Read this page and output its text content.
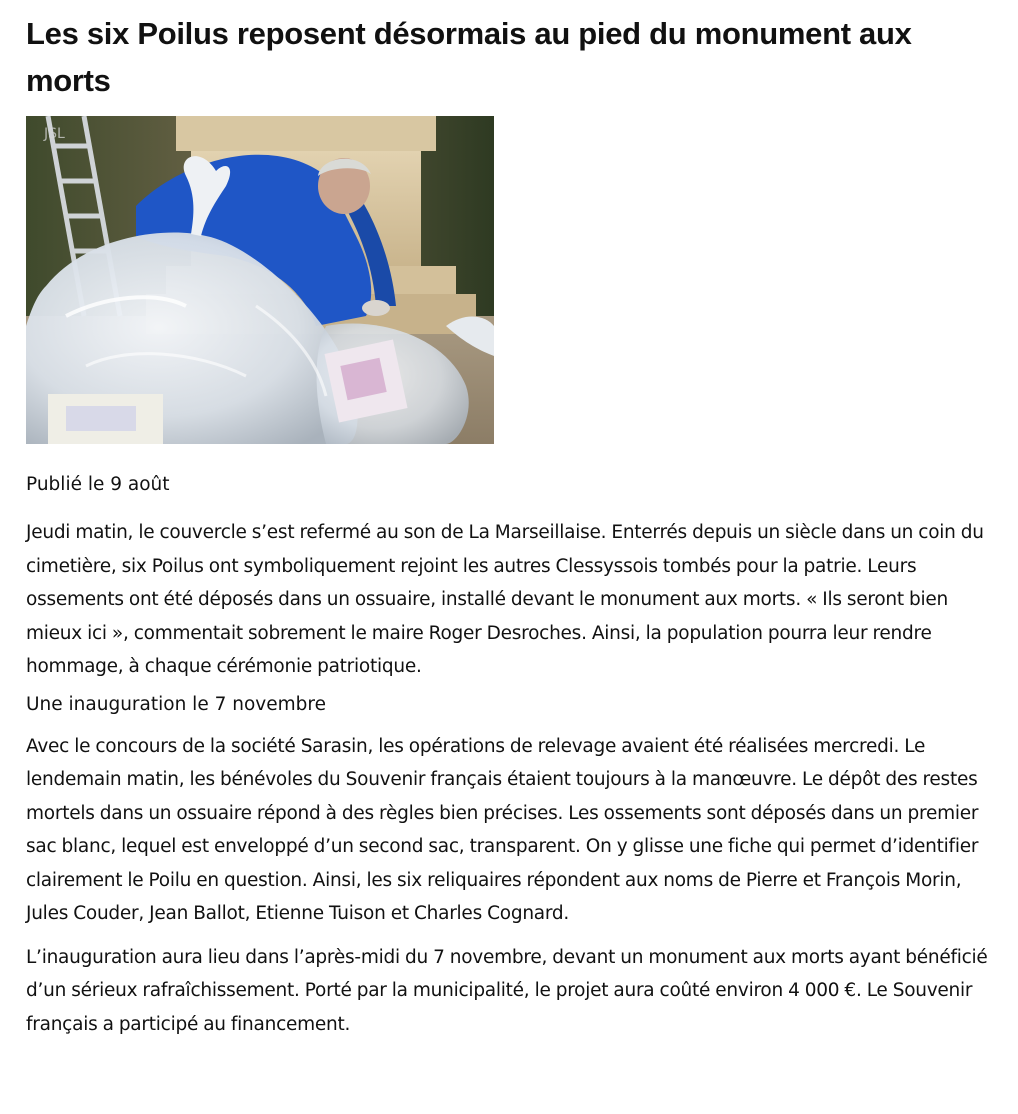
Les six Poilus reposent désormais au pied du monument aux morts
JSL

Publié le 9 août

Jeudi matin, le couvercle s’est refermé au son de La Marseillaise. Enterrés depuis un siècle dans un coin du cimetière, six Poilus ont symboliquement rejoint les autres Clessyssois tombés pour la patrie. Leurs ossements ont été déposés dans un ossuaire, installé devant le monument aux morts. « Ils seront bien mieux ici », commentait sobrement le maire Roger Desroches. Ainsi, la population pourra leur rendre hommage, à chaque cérémonie patriotique.

Une inauguration le 7 novembre

Avec le concours de la société Sarasin, les opérations de relevage avaient été réalisées mercredi. Le lendemain matin, les bénévoles du Souvenir français étaient toujours à la manœuvre. Le dépôt des restes mortels dans un ossuaire répond à des règles bien précises. Les ossements sont déposés dans un premier sac blanc, lequel est enveloppé d’un second sac, transparent. On y glisse une fiche qui permet d’identifier clairement le Poilu en question. Ainsi, les six reliquaires répondent aux noms de Pierre et François Morin, Jules Couder, Jean Ballot, Etienne Tuison et Charles Cognard.

L’inauguration aura lieu dans l’après-midi du 7 novembre, devant un monument aux morts ayant bénéficié d’un sérieux rafraîchissement. Porté par la municipalité, le projet aura coûté environ 4 000 €. Le Souvenir français a participé au financement.
